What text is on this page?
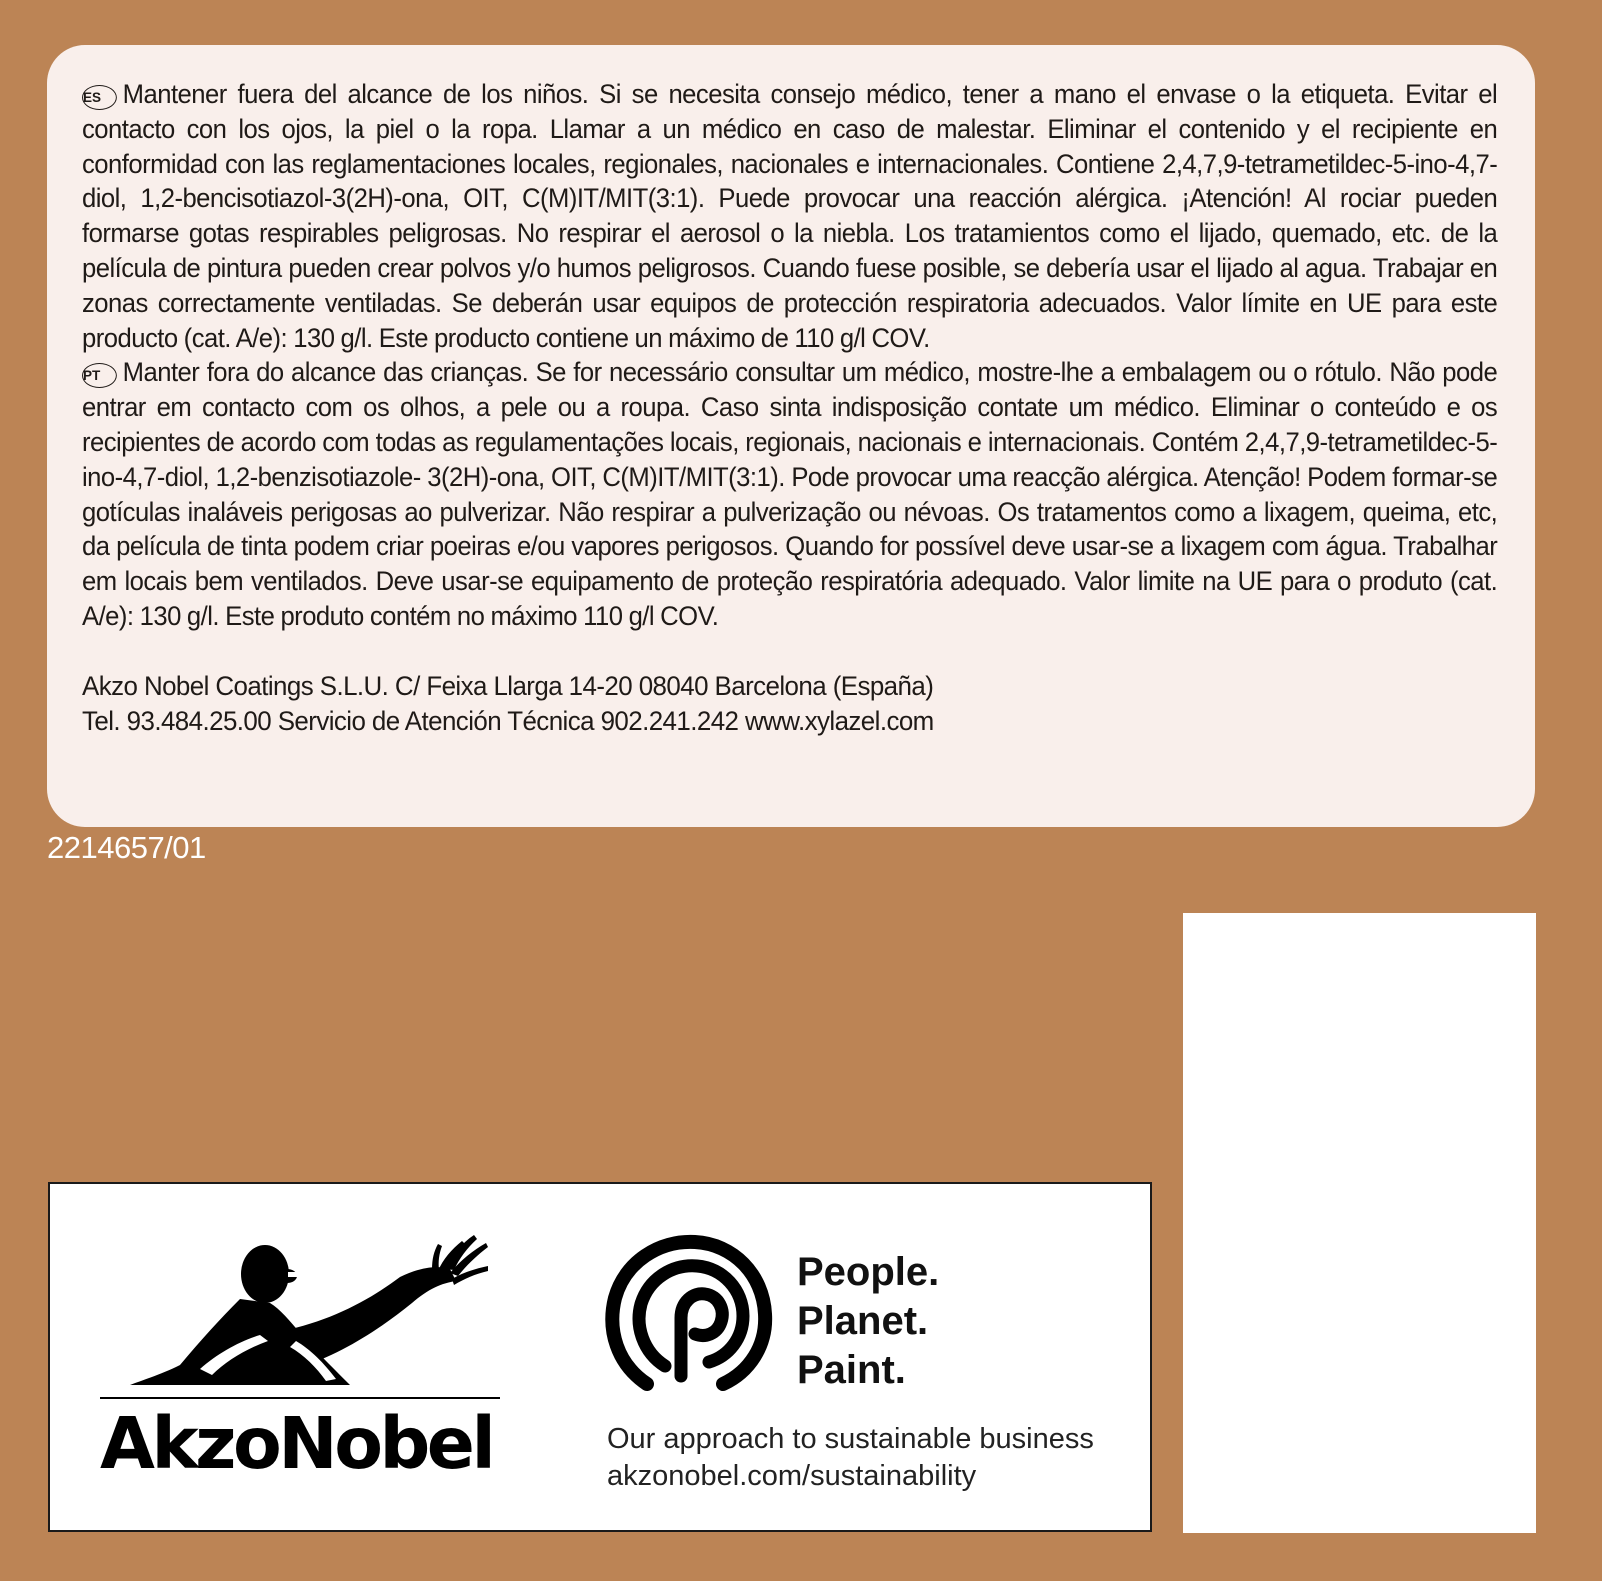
ES Mantener fuera del alcance de los niños. Si se necesita consejo médico, tener a mano el envase o la etiqueta. Evitar el contacto con los ojos, la piel o la ropa. Llamar a un médico en caso de malestar. Eliminar el contenido y el recipiente en conformidad con las reglamentaciones locales, regionales, nacionales e internacionales. Contiene 2,4,7,9-tetrametildec-5-ino-4,7-diol, 1,2-bencisotiazol-3(2H)-ona, OIT, C(M)IT/MIT(3:1). Puede provocar una reacción alérgica. ¡Atención! Al rociar pueden formarse gotas respirables peligrosas. No respirar el aerosol o la niebla. Los tratamientos como el lijado, quemado, etc. de la película de pintura pueden crear polvos y/o humos peligrosos. Cuando fuese posible, se debería usar el lijado al agua. Trabajar en zonas correctamente ventiladas. Se deberán usar equipos de protección respiratoria adecuados. Valor límite en UE para este producto (cat. A/e): 130 g/l. Este producto contiene un máximo de 110 g/l COV.

PT Manter fora do alcance das crianças. Se for necessário consultar um médico, mostre-lhe a embalagem ou o rótulo. Não pode entrar em contacto com os olhos, a pele ou a roupa. Caso sinta indisposição contate um médico. Eliminar o conteúdo e os recipientes de acordo com todas as regulamentações locais, regionais, nacionais e internacionais. Contém 2,4,7,9-tetrametildec-5-ino-4,7-diol, 1,2-benzisotiazole- 3(2H)-ona, OIT, C(M)IT/MIT(3:1). Pode provocar uma reacção alérgica. Atenção! Podem formar-se gotículas inaláveis perigosas ao pulverizar. Não respirar a pulverização ou névoas. Os tratamentos como a lixagem, queima, etc, da película de tinta podem criar poeiras e/ou vapores perigosos. Quando for possível deve usar-se a lixagem com água. Trabalhar em locais bem ventilados. Deve usar-se equipamento de proteção respiratória adequado. Valor limite na UE para o produto (cat. A/e): 130 g/l. Este produto contém no máximo 110 g/l COV.

Akzo Nobel Coatings S.L.U. C/ Feixa Llarga 14-20 08040 Barcelona (España)
Tel. 93.484.25.00 Servicio de Atención Técnica 902.241.242 www.xylazel.com
2214657/01
AkzoNobel
People.
Planet.
Paint.
Our approach to sustainable business
akzonobel.com/sustainability
